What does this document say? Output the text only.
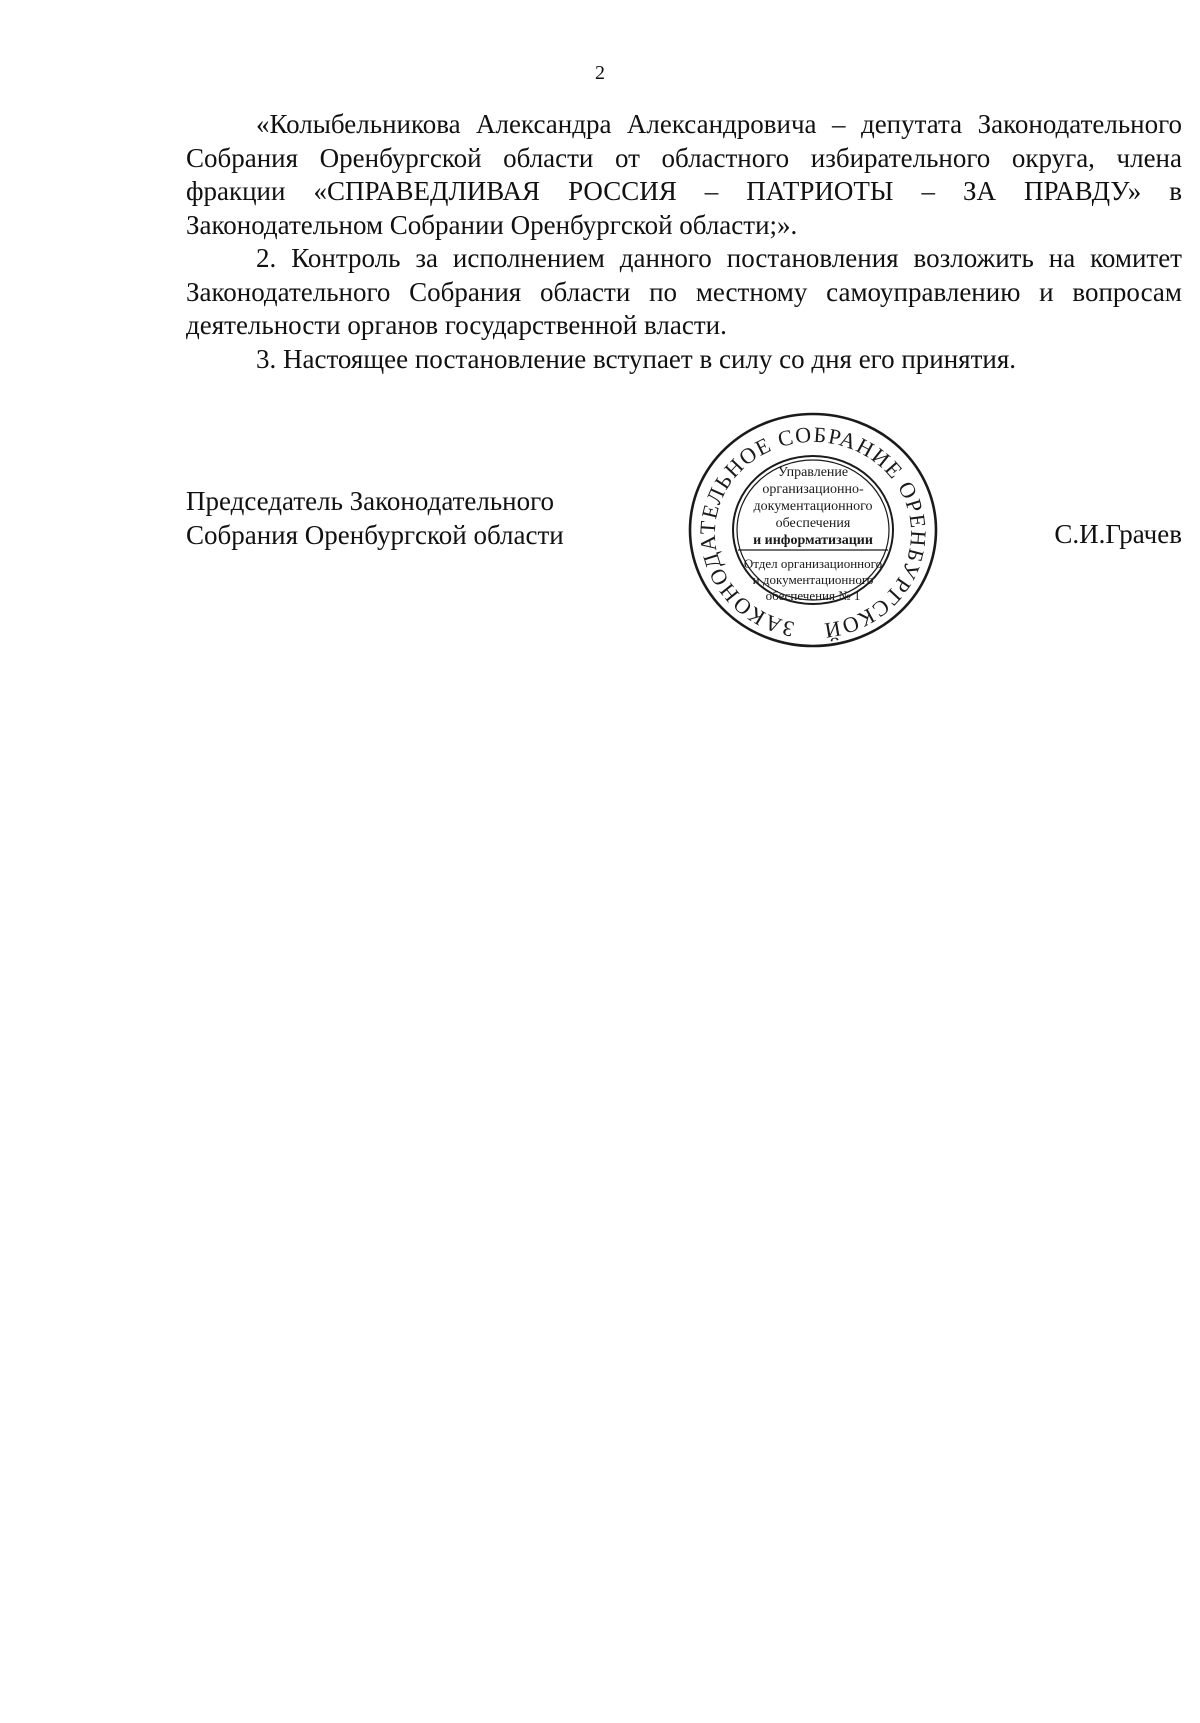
2

«Колыбельникова Александра Александровича – депутата Законодательного Собрания Оренбургской области от областного избирательного округа, члена фракции «СПРАВЕДЛИВАЯ РОССИЯ – ПАТРИОТЫ – ЗА ПРАВДУ» в Законодательном Собрании Оренбургской области;».

2. Контроль за исполнением данного постановления возложить на комитет Законодательного Собрания области по местному самоуправлению и вопросам деятельности органов государственной власти.

3. Настоящее постановление вступает в силу со дня его принятия.

Председатель Законодательного
Собрания Оренбургской области	С.И.Грачев
ЗАКОНОДАТЕЛЬНОЕ СОБРАНИЕ ОРЕНБУРГСКОЙ
Управление
организационно-
документационного
обеспечения
и информатизации
Отдел организационного
и документационного
обеспечения № 1
